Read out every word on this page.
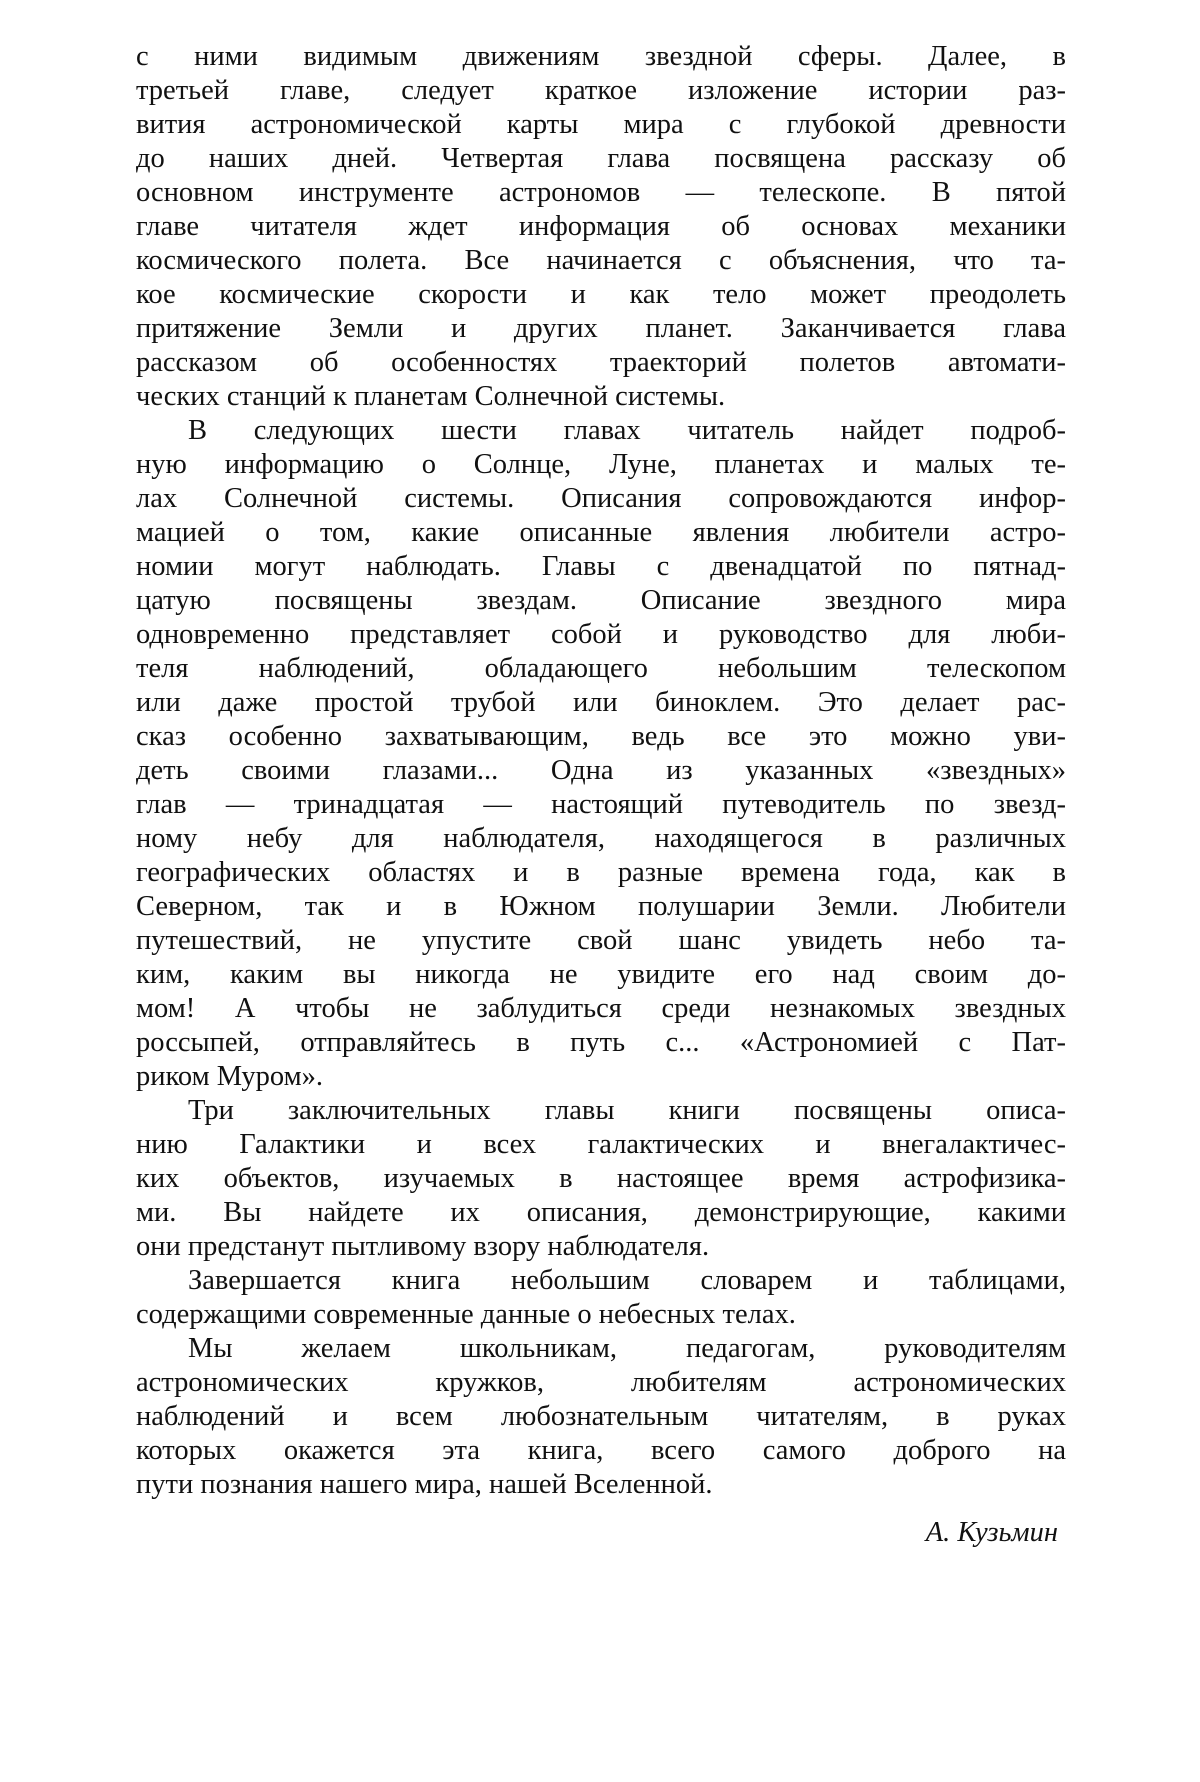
с ними видимым движениям звездной сферы. Далее, в
третьей главе, следует краткое изложение истории раз-
вития астрономической карты мира с глубокой древности
до наших дней. Четвертая глава посвящена рассказу об
основном инструменте астрономов — телескопе. В пятой
главе читателя ждет информация об основах механики
космического полета. Все начинается с объяснения, что та-
кое космические скорости и как тело может преодолеть
притяжение Земли и других планет. Заканчивается глава
рассказом об особенностях траекторий полетов автомати-
ческих станций к планетам Солнечной системы.
В следующих шести главах читатель найдет подроб-
ную информацию о Солнце, Луне, планетах и малых те-
лах Солнечной системы. Описания сопровождаются инфор-
мацией о том, какие описанные явления любители астро-
номии могут наблюдать. Главы с двенадцатой по пятнад-
цатую посвящены звездам. Описание звездного мира
одновременно представляет собой и руководство для люби-
теля наблюдений, обладающего небольшим телескопом
или даже простой трубой или биноклем. Это делает рас-
сказ особенно захватывающим, ведь все это можно уви-
деть своими глазами... Одна из указанных «звездных»
глав — тринадцатая — настоящий путеводитель по звезд-
ному небу для наблюдателя, находящегося в различных
географических областях и в разные времена года, как в
Северном, так и в Южном полушарии Земли. Любители
путешествий, не упустите свой шанс увидеть небо та-
ким, каким вы никогда не увидите его над своим до-
мом! А чтобы не заблудиться среди незнакомых звездных
россыпей, отправляйтесь в путь с... «Астрономией с Пат-
риком Муром».
Три заключительных главы книги посвящены описа-
нию Галактики и всех галактических и внегалактичес-
ких объектов, изучаемых в настоящее время астрофизика-
ми. Вы найдете их описания, демонстрирующие, какими
они предстанут пытливому взору наблюдателя.
Завершается книга небольшим словарем и таблицами,
содержащими современные данные о небесных телах.
Мы желаем школьникам, педагогам, руководителям
астрономических кружков, любителям астрономических
наблюдений и всем любознательным читателям, в руках
которых окажется эта книга, всего самого доброго на
пути познания нашего мира, нашей Вселенной.
А. Кузьмин
